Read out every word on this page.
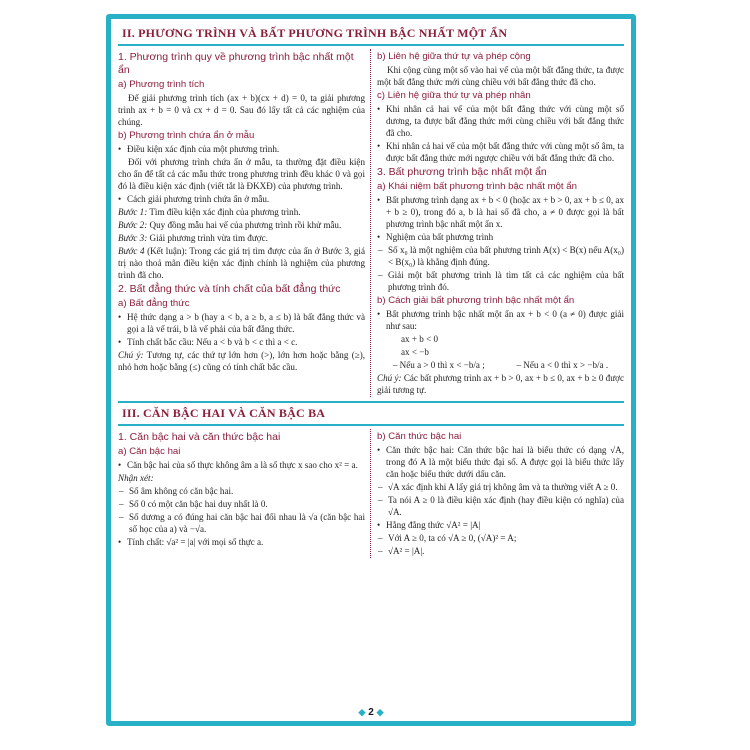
II. PHƯƠNG TRÌNH VÀ BẤT PHƯƠNG TRÌNH BẬC NHẤT MỘT ẨN
1. Phương trình quy về phương trình bậc nhất một ẩn
a) Phương trình tích
Để giải phương trình tích (ax + b)(cx + d) = 0, ta giải phương trình ax + b = 0 và cx + d = 0. Sau đó lấy tất cả các nghiệm của chúng.
b) Phương trình chứa ẩn ở mẫu
• Điều kiện xác định của một phương trình.
Đối với phương trình chứa ẩn ở mẫu, ta thường đặt điều kiện cho ẩn để tất cả các mẫu thức trong phương trình đều khác 0 và gọi đó là điều kiện xác định (viết tắt là ĐKXĐ) của phương trình.
• Cách giải phương trình chứa ẩn ở mẫu.
Bước 1: Tìm điều kiện xác định của phương trình.
Bước 2: Quy đồng mẫu hai vế của phương trình rồi khử mẫu.
Bước 3: Giải phương trình vừa tìm được.
Bước 4 (Kết luận): Trong các giá trị tìm được của ẩn ở Bước 3, giá trị nào thoả mãn điều kiện xác định chính là nghiệm của phương trình đã cho.
2. Bất đẳng thức và tính chất của bất đẳng thức
a) Bất đẳng thức
• Hệ thức dạng a > b (hay a < b, a ≥ b, a ≤ b) là bất đẳng thức và gọi a là vế trái, b là vế phải của bất đẳng thức.
• Tính chất bắc cầu: Nếu a < b và b < c thì a < c.
Chú ý: Tương tự, các thứ tự lớn hơn (>), lớn hơn hoặc bằng (≥), nhỏ hơn hoặc bằng (≤) cũng có tính chất bắc cầu.
b) Liên hệ giữa thứ tự và phép cộng
Khi cộng cùng một số vào hai vế của một bất đẳng thức, ta được một bất đẳng thức mới cùng chiều với bất đẳng thức đã cho.
c) Liên hệ giữa thứ tự và phép nhân
• Khi nhân cả hai vế của một bất đẳng thức với cùng một số dương, ta được bất đẳng thức mới cùng chiều với bất đẳng thức đã cho.
• Khi nhân cả hai vế của một bất đẳng thức với cùng một số âm, ta được bất đẳng thức mới ngược chiều với bất đẳng thức đã cho.
3. Bất phương trình bậc nhất một ẩn
a) Khái niệm bất phương trình bậc nhất một ẩn
• Bất phương trình dạng ax + b < 0 (hoặc ax + b > 0, ax + b ≤ 0, ax + b ≥ 0), trong đó a, b là hai số đã cho, a ≠ 0 được gọi là bất phương trình bậc nhất một ẩn x.
• Nghiệm của bất phương trình
– Số x₀ là một nghiệm của bất phương trình A(x) < B(x) nếu A(x₀) < B(x₀) là khẳng định đúng.
– Giải một bất phương trình là tìm tất cả các nghiệm của bất phương trình đó.
b) Cách giải bất phương trình bậc nhất một ẩn
• Bất phương trình bậc nhất một ẩn ax + b < 0 (a ≠ 0) được giải như sau:
ax + b < 0
ax < −b
– Nếu a > 0 thì x < −b/a ;	– Nếu a < 0 thì x > −b/a .
Chú ý: Các bất phương trình ax + b > 0, ax + b ≤ 0, ax + b ≥ 0 được giải tương tự.
III. CĂN BẬC HAI VÀ CĂN BẬC BA
1. Căn bậc hai và căn thức bậc hai
a) Căn bậc hai
• Căn bậc hai của số thực không âm a là số thực x sao cho x² = a.
Nhận xét:
– Số âm không có căn bậc hai.
– Số 0 có một căn bậc hai duy nhất là 0.
– Số dương a có đúng hai căn bậc hai đối nhau là √a (căn bậc hai số học của a) và −√a.
• Tính chất: √a² = |a| với mọi số thực a.
b) Căn thức bậc hai
• Căn thức bậc hai: Căn thức bậc hai là biểu thức có dạng √A, trong đó A là một biểu thức đại số. A được gọi là biểu thức lấy căn hoặc biểu thức dưới dấu căn.
– √A xác định khi A lấy giá trị không âm và ta thường viết A ≥ 0.
– Ta nói A ≥ 0 là điều kiện xác định (hay điều kiện có nghĩa) của √A.
• Hằng đẳng thức √A² = |A|
– Với A ≥ 0, ta có √A ≥ 0, (√A)² = A;
– √A² = |A|.
◆ 2 ◆
